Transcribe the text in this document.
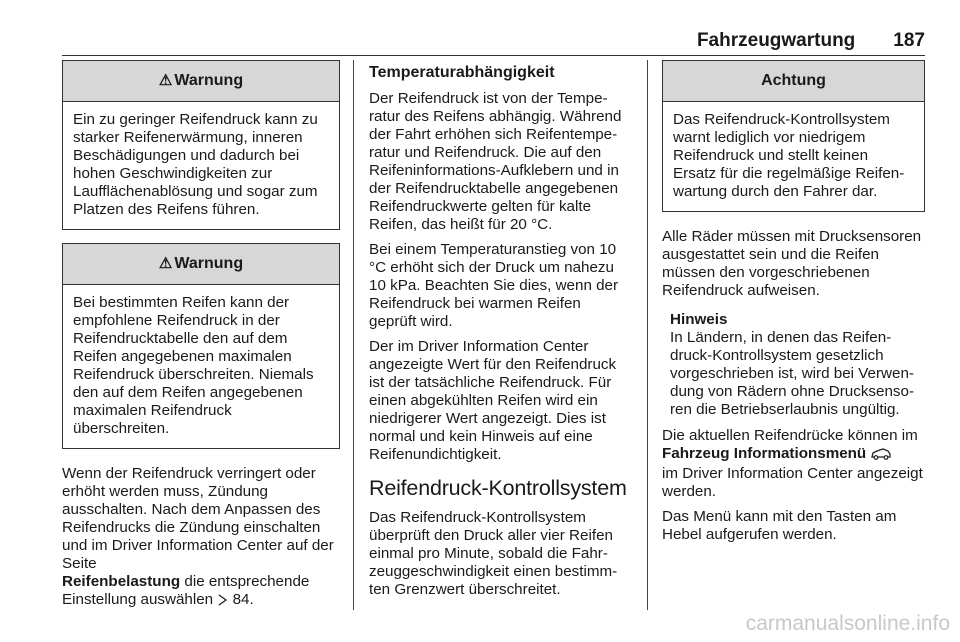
Fahrzeugwartung 187
⚠ Warnung
Ein zu geringer Reifendruck kann zu starker Reifenerwärmung, inneren Beschädigungen und dadurch bei hohen Geschwindigkeiten zur Laufflächenablösung und sogar zum Platzen des Reifens führen.
⚠ Warnung
Bei bestimmten Reifen kann der empfohlene Reifendruck in der Reifendrucktabelle den auf dem Reifen angegebenen maximalen Reifendruck überschreiten. Niemals den auf dem Reifen angegebenen maximalen Reifendruck überschreiten.

Wenn der Reifendruck verringert oder erhöht werden muss, Zündung ausschalten. Nach dem Anpassen des Reifendrucks die Zündung einschalten und im Driver Information Center auf der Seite
Reifenbelastung die entsprechende Einstellung auswählen  84.

Temperaturabhängigkeit

Der Reifendruck ist von der Temperatur des Reifens abhängig. Während der Fahrt erhöhen sich Reifentemperatur und Reifendruck. Die auf den Reifeninformations-Aufklebern und in der Reifendrucktabelle angegebenen Reifendruckwerte gelten für kalte Reifen, das heißt für 20 °C.

Bei einem Temperaturanstieg von 10 °C erhöht sich der Druck um nahezu 10 kPa. Beachten Sie dies, wenn der Reifendruck bei warmen Reifen geprüft wird.

Der im Driver Information Center angezeigte Wert für den Reifendruck ist der tatsächliche Reifendruck. Für einen abgekühlten Reifen wird ein niedrigerer Wert angezeigt. Dies ist normal und kein Hinweis auf eine Reifenundichtigkeit.

Reifendruck-Kontrollsystem

Das Reifendruck-Kontrollsystem überprüft den Druck aller vier Reifen einmal pro Minute, sobald die Fahrzeuggeschwindigkeit einen bestimmten Grenzwert überschreitet.

Achtung
Das Reifendruck-Kontrollsystem warnt lediglich vor niedrigem Reifendruck und stellt keinen Ersatz für die regelmäßige Reifenwartung durch den Fahrer dar.

Alle Räder müssen mit Drucksensoren ausgestattet sein und die Reifen müssen den vorgeschriebenen Reifendruck aufweisen.

Hinweis
In Ländern, in denen das Reifendruck-Kontrollsystem gesetzlich vorgeschrieben ist, wird bei Verwendung von Rädern ohne Drucksensoren die Betriebserlaubnis ungültig.

Die aktuellen Reifendrücke können im Fahrzeug Informationsmenü
im Driver Information Center angezeigt werden.

Das Menü kann mit den Tasten am Hebel aufgerufen werden.

carmanualsonline.info
